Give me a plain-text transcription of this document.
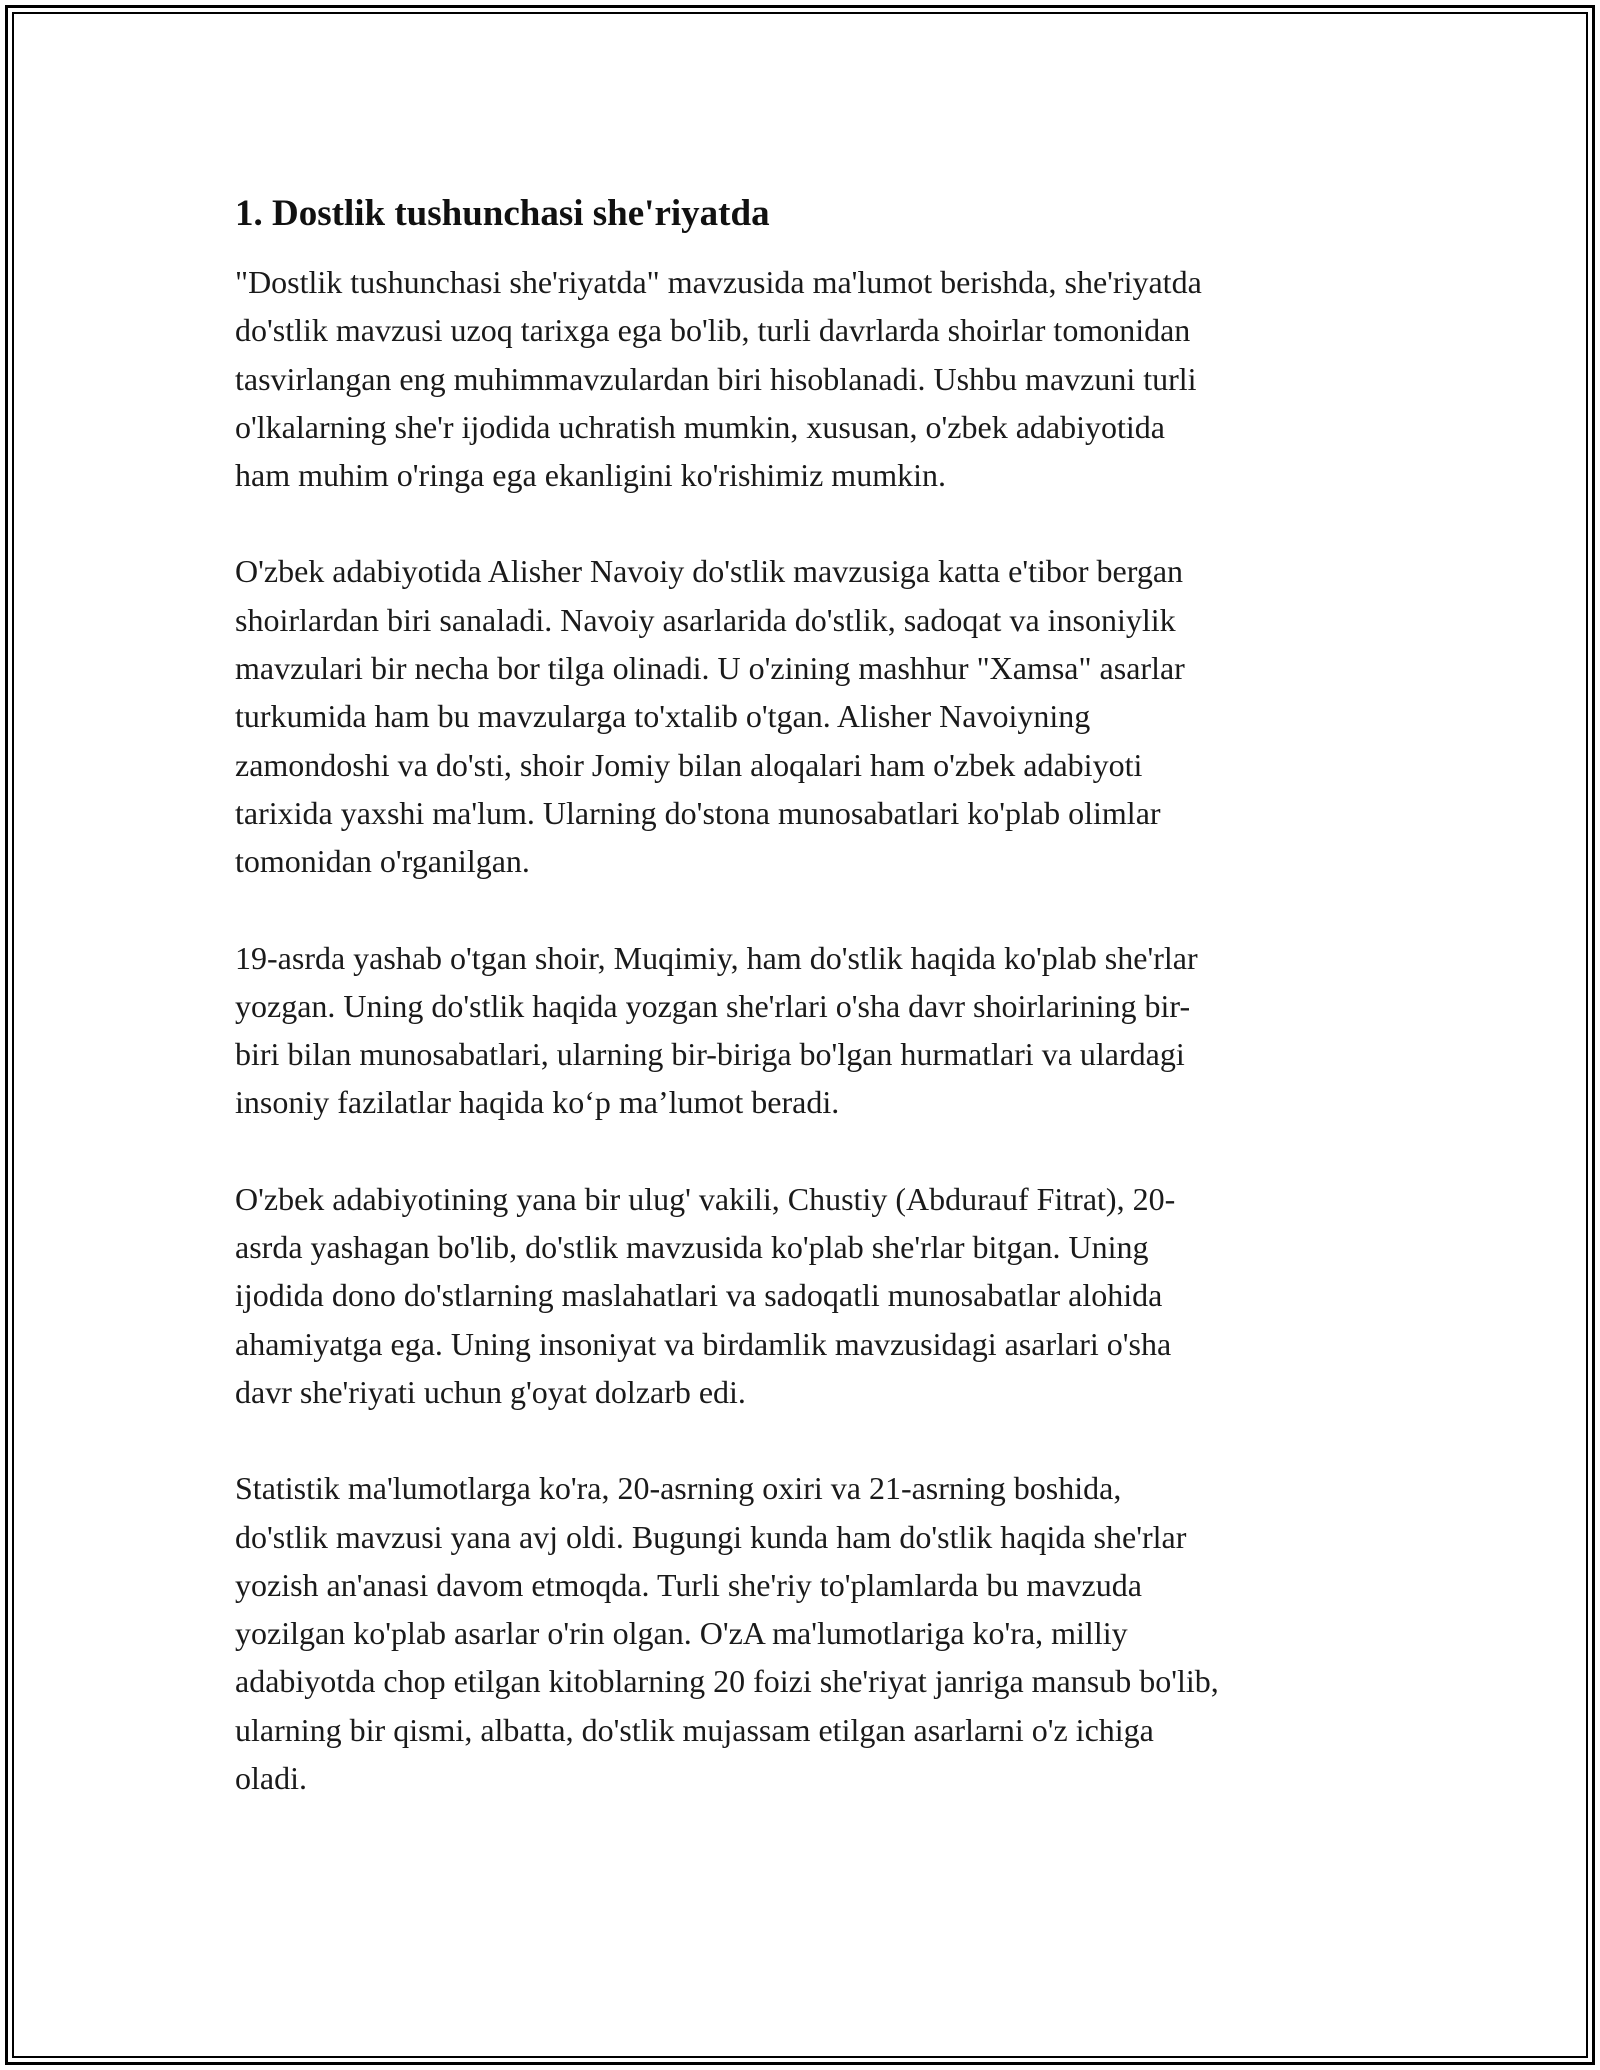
1. Dostlik tushunchasi she'riyatda

"Dostlik tushunchasi she'riyatda" mavzusida ma'lumot berishda, she'riyatda
do'stlik mavzusi uzoq tarixga ega bo'lib, turli davrlarda shoirlar tomonidan
tasvirlangan eng muhimmavzulardan biri hisoblanadi. Ushbu mavzuni turli
o'lkalarning she'r ijodida uchratish mumkin, xususan, o'zbek adabiyotida
ham muhim o'ringa ega ekanligini ko'rishimiz mumkin.

O'zbek adabiyotida Alisher Navoiy do'stlik mavzusiga katta e'tibor bergan
shoirlardan biri sanaladi. Navoiy asarlarida do'stlik, sadoqat va insoniylik
mavzulari bir necha bor tilga olinadi. U o'zining mashhur "Xamsa" asarlar
turkumida ham bu mavzularga to'xtalib o'tgan. Alisher Navoiyning
zamondoshi va do'sti, shoir Jomiy bilan aloqalari ham o'zbek adabiyoti
tarixida yaxshi ma'lum. Ularning do'stona munosabatlari ko'plab olimlar
tomonidan o'rganilgan.

19-asrda yashab o'tgan shoir, Muqimiy, ham do'stlik haqida ko'plab she'rlar
yozgan. Uning do'stlik haqida yozgan she'rlari o'sha davr shoirlarining bir-
biri bilan munosabatlari, ularning bir-biriga bo'lgan hurmatlari va ulardagi
insoniy fazilatlar haqida ko‘p ma’lumot beradi.

O'zbek adabiyotining yana bir ulug' vakili, Chustiy (Abdurauf Fitrat), 20-
asrda yashagan bo'lib, do'stlik mavzusida ko'plab she'rlar bitgan. Uning
ijodida dono do'stlarning maslahatlari va sadoqatli munosabatlar alohida
ahamiyatga ega. Uning insoniyat va birdamlik mavzusidagi asarlari o'sha
davr she'riyati uchun g'oyat dolzarb edi.

Statistik ma'lumotlarga ko'ra, 20-asrning oxiri va 21-asrning boshida,
do'stlik mavzusi yana avj oldi. Bugungi kunda ham do'stlik haqida she'rlar
yozish an'anasi davom etmoqda. Turli she'riy to'plamlarda bu mavzuda
yozilgan ko'plab asarlar o'rin olgan. O'zA ma'lumotlariga ko'ra, milliy
adabiyotda chop etilgan kitoblarning 20 foizi she'riyat janriga mansub bo'lib,
ularning bir qismi, albatta, do'stlik mujassam etilgan asarlarni o'z ichiga
oladi.
